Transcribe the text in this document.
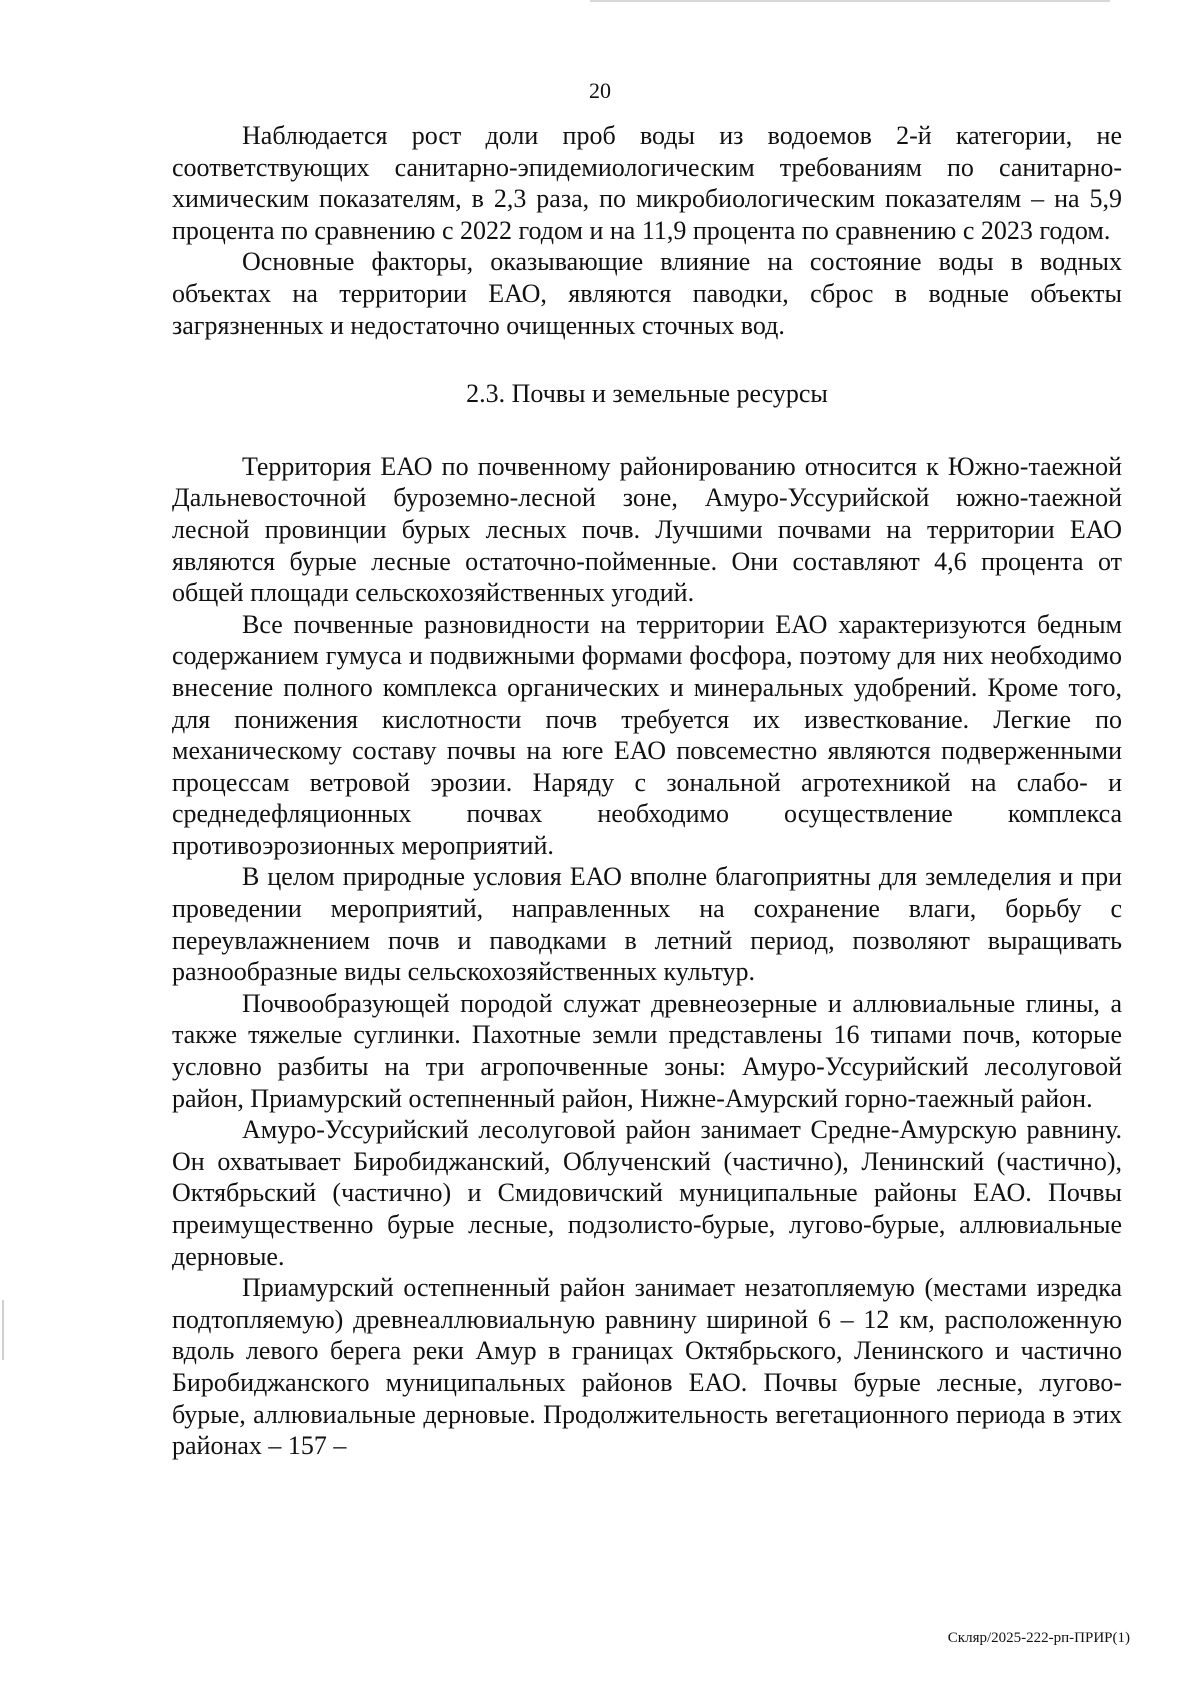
20

Наблюдается рост доли проб воды из водоемов 2-й категории, не соответствующих санитарно-эпидемиологическим требованиям по санитарно-химическим показателям, в 2,3 раза, по микробиологическим показателям – на 5,9 процента по сравнению с 2022 годом и на 11,9 процента по сравнению с 2023 годом.

Основные факторы, оказывающие влияние на состояние воды в водных объектах на территории ЕАО, являются паводки, сброс в водные объекты загрязненных и недостаточно очищенных сточных вод.

2.3. Почвы и земельные ресурсы

Территория ЕАО по почвенному районированию относится к Южно-таежной Дальневосточной буроземно-лесной зоне, Амуро-Уссурийской южно-таежной лесной провинции бурых лесных почв. Лучшими почвами на территории ЕАО являются бурые лесные остаточно-пойменные. Они составляют 4,6 процента от общей площади сельскохозяйственных угодий.

Все почвенные разновидности на территории ЕАО характеризуются бедным содержанием гумуса и подвижными формами фосфора, поэтому для них необходимо внесение полного комплекса органических и минеральных удобрений. Кроме того, для понижения кислотности почв требуется их известкование. Легкие по механическому составу почвы на юге ЕАО повсеместно являются подверженными процессам ветровой эрозии. Наряду с зональной агротехникой на слабо- и среднедефляционных почвах необходимо осуществление комплекса противоэрозионных мероприятий.

В целом природные условия ЕАО вполне благоприятны для земледелия и при проведении мероприятий, направленных на сохранение влаги, борьбу с переувлажнением почв и паводками в летний период, позволяют выращивать разнообразные виды сельскохозяйственных культур.

Почвообразующей породой служат древнеозерные и аллювиальные глины, а также тяжелые суглинки. Пахотные земли представлены 16 типами почв, которые условно разбиты на три агропочвенные зоны: Амуро-Уссурийский лесолуговой район, Приамурский остепненный район, Нижне-Амурский горно-таежный район.

Амуро-Уссурийский лесолуговой район занимает Средне-Амурскую равнину. Он охватывает Биробиджанский, Облученский (частично), Ленинский (частично), Октябрьский (частично) и Смидовичский муниципальные районы ЕАО. Почвы преимущественно бурые лесные, подзолисто-бурые, лугово-бурые, аллювиальные дерновые.

Приамурский остепненный район занимает незатопляемую (местами изредка подтопляемую) древнеаллювиальную равнину шириной 6 – 12 км, расположенную вдоль левого берега реки Амур в границах Октябрьского, Ленинского и частично Биробиджанского муниципальных районов ЕАО. Почвы бурые лесные, лугово-бурые, аллювиальные дерновые. Продолжительность вегетационного периода в этих районах – 157 –

Скляр/2025-222-рп-ПРИР(1)
